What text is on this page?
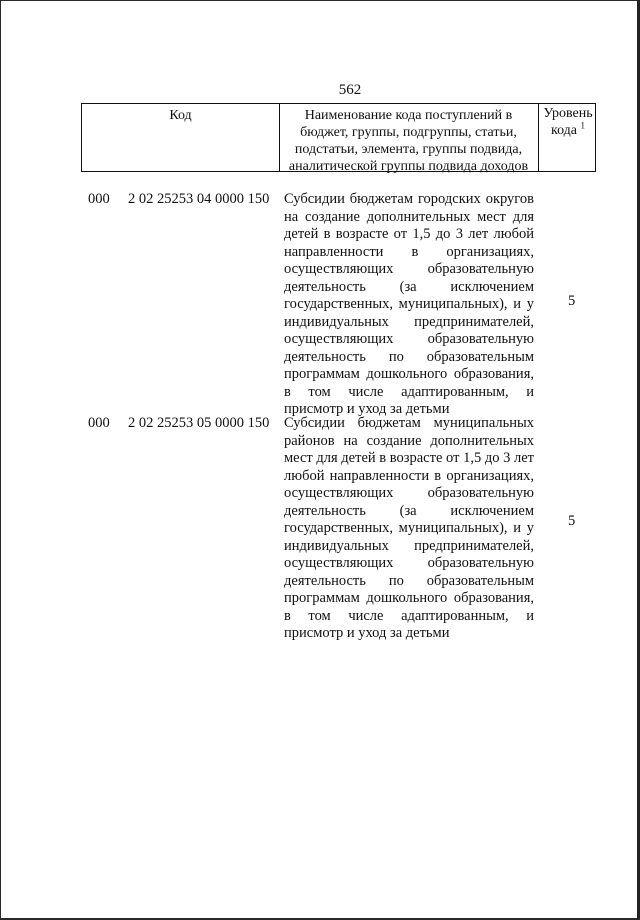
562
Код	Наименование кода поступлений в
бюджет, группы, подгруппы, статьи,
подстатьи, элемента, группы подвида,
аналитической группы подвида доходов
Уровень
кода $^1$
000 2 02 25253 04 0000 150 Субсидии бюджетам городских округов
на создание дополнительных мест для
детей в возрасте от 1,5 до 3 лет любой
направленности в организациях,
осуществляющих образовательную
деятельность (за исключением
государственных, муниципальных), и у
индивидуальных предпринимателей,
осуществляющих образовательную
деятельность по образовательным
программам дошкольного образования,
в том числе адаптированным, и
присмотр и уход за детьми
5
000 2 02 25253 05 0000 150 Субсидии бюджетам муниципальных
районов на создание дополнительных
мест для детей в возрасте от 1,5 до 3 лет
любой направленности в организациях,
осуществляющих образовательную
деятельность (за исключением
государственных, муниципальных), и у
индивидуальных предпринимателей,
осуществляющих образовательную
деятельность по образовательным
программам дошкольного образования,
в том числе адаптированным, и
присмотр и уход за детьми
5
